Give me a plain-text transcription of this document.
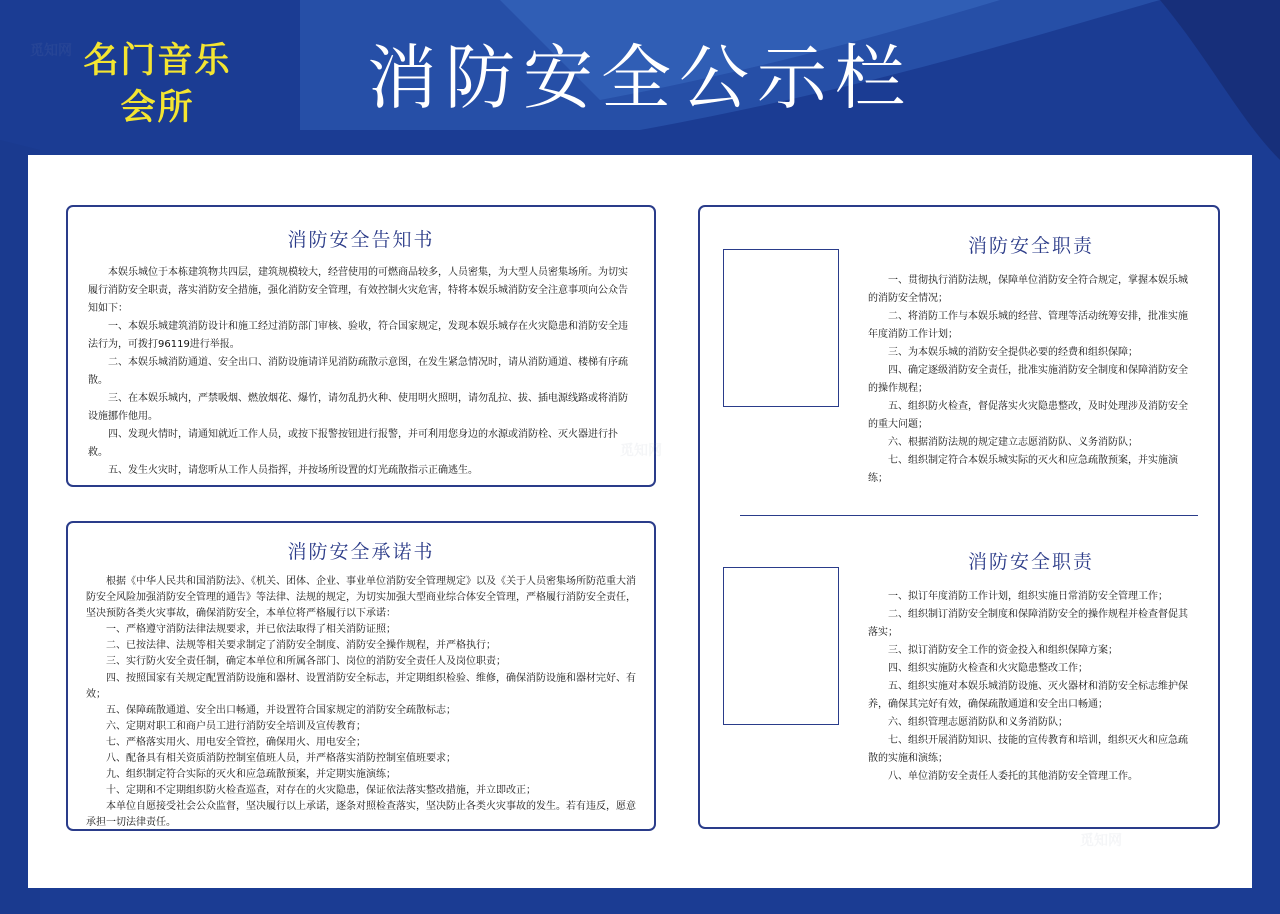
名门音乐
会所	消防安全公示栏
消防安全告知书

本娱乐城位于本栋建筑物共四层，建筑规模较大，经营使用的可燃商品较多，人员密集，为大型人员密集场所。为切实履行消防安全职责，落实消防安全措施，强化消防安全管理，有效控制火灾危害，特将本娱乐城消防安全注意事项向公众告知如下：

一、本娱乐城建筑消防设计和施工经过消防部门审核、验收，符合国家规定，发现本娱乐城存在火灾隐患和消防安全违法行为，可拨打96119进行举报。

二、本娱乐城消防通道、安全出口、消防设施请详见消防疏散示意图，在发生紧急情况时，请从消防通道、楼梯有序疏散。

三、在本娱乐城内，严禁吸烟、燃放烟花、爆竹，请勿乱扔火种、使用明火照明，请勿乱拉、拔、插电源线路或将消防设施挪作他用。

四、发现火情时，请通知就近工作人员，或按下报警按钮进行报警，并可利用您身边的水源或消防栓、灭火器进行扑救。

五、发生火灾时，请您听从工作人员指挥，并按场所设置的灯光疏散指示正确逃生。

消防安全承诺书

根据《中华人民共和国消防法》、《机关、团体、企业、事业单位消防安全管理规定》以及《关于人员密集场所防范重大消防安全风险加强消防安全管理的通告》等法律、法规的规定，为切实加强大型商业综合体安全管理，严格履行消防安全责任，坚决预防各类火灾事故，确保消防安全，本单位将严格履行以下承诺：

一、严格遵守消防法律法规要求，并已依法取得了相关消防证照；

二、已按法律、法规等相关要求制定了消防安全制度、消防安全操作规程，并严格执行；

三、实行防火安全责任制，确定本单位和所属各部门、岗位的消防安全责任人及岗位职责；

四、按照国家有关规定配置消防设施和器材、设置消防安全标志，并定期组织检验、维修，确保消防设施和器材完好、有效；

五、保障疏散通道、安全出口畅通，并设置符合国家规定的消防安全疏散标志；

六、定期对职工和商户员工进行消防安全培训及宣传教育；

七、严格落实用火、用电安全管控，确保用火、用电安全；

八、配备具有相关资质消防控制室值班人员，并严格落实消防控制室值班要求；

九、组织制定符合实际的灭火和应急疏散预案，并定期实施演练；

十、定期和不定期组织防火检查巡查，对存在的火灾隐患，保证依法落实整改措施，并立即改正；

本单位自愿接受社会公众监督，坚决履行以上承诺，逐条对照检查落实，坚决防止各类火灾事故的发生。若有违反，愿意承担一切法律责任。

消防安全职责

一、贯彻执行消防法规，保障单位消防安全符合规定，掌握本娱乐城的消防安全情况；

二、将消防工作与本娱乐城的经营、管理等活动统筹安排，批准实施年度消防工作计划；

三、为本娱乐城的消防安全提供必要的经费和组织保障；

四、确定逐级消防安全责任，批准实施消防安全制度和保障消防安全的操作规程；

五、组织防火检查，督促落实火灾隐患整改，及时处理涉及消防安全的重大问题；

六、根据消防法规的规定建立志愿消防队、义务消防队；

七、组织制定符合本娱乐城实际的灭火和应急疏散预案，并实施演练；

消防安全职责

一、拟订年度消防工作计划，组织实施日常消防安全管理工作；

二、组织制订消防安全制度和保障消防安全的操作规程并检查督促其落实；

三、拟订消防安全工作的资金投入和组织保障方案；

四、组织实施防火检查和火灾隐患整改工作；

五、组织实施对本娱乐城消防设施、灭火器材和消防安全标志维护保养，确保其完好有效，确保疏散通道和安全出口畅通；

六、组织管理志愿消防队和义务消防队；

七、组织开展消防知识、技能的宣传教育和培训，组织灭火和应急疏散的实施和演练；

八、单位消防安全责任人委托的其他消防安全管理工作。
